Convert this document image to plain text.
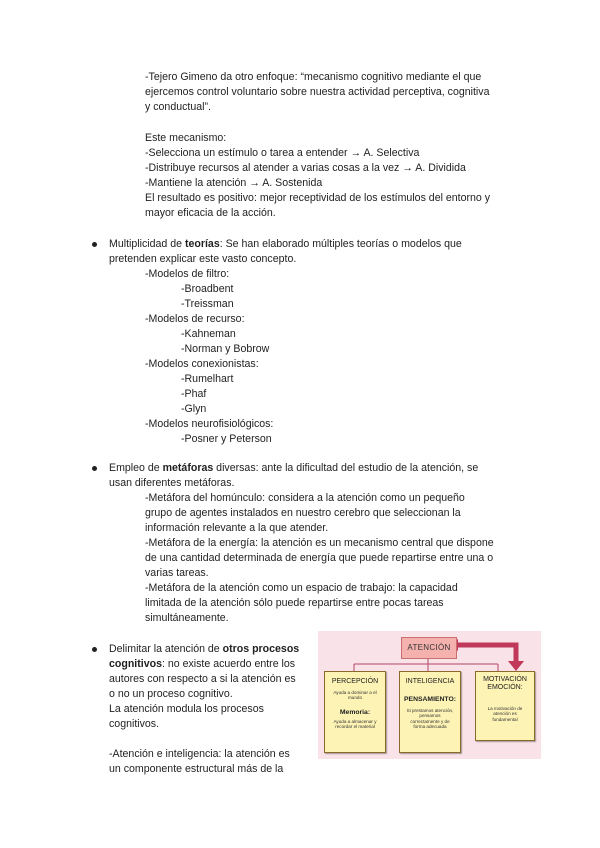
-Tejero Gimeno da otro enfoque: “mecanismo cognitivo mediante el que
ejercemos control voluntario sobre nuestra actividad perceptiva, cognitiva
y conductual”.
Este mecanismo:
-Selecciona un estímulo o tarea a entender → A. Selectiva
-Distribuye recursos al atender a varias cosas a la vez → A. Dividida
-Mantiene la atención → A. Sostenida
El resultado es positivo: mejor receptividad de los estímulos del entorno y
mayor eficacia de la acción.
Multiplicidad de teorías: Se han elaborado múltiples teorías o modelos que
pretenden explicar este vasto concepto.
-Modelos de filtro:
-Broadbent
-Treissman
-Modelos de recurso:
-Kahneman
-Norman y Bobrow
-Modelos conexionistas:
-Rumelhart
-Phaf
-Glyn
-Modelos neurofisiológicos:
-Posner y Peterson
Empleo de metáforas diversas: ante la dificultad del estudio de la atención, se
usan diferentes metáforas.
-Metáfora del homúnculo: considera a la atención como un pequeño
grupo de agentes instalados en nuestro cerebro que seleccionan la
información relevante a la que atender.
-Metáfora de la energía: la atención es un mecanismo central que dispone
de una cantidad determinada de energía que puede repartirse entre una o
varias tareas.
-Metáfora de la atención como un espacio de trabajo: la capacidad
limitada de la atención sólo puede repartirse entre pocas tareas
simultáneamente.
Delimitar la atención de otros procesos
cognitivos: no existe acuerdo entre los
autores con respecto a si la atención es
o no un proceso cognitivo.
La atención modula los procesos
cognitivos.
-Atención e inteligencia: la atención es
un componente estructural más de la
ATENCIÓN
PERCEPCIÓN
Ayuda a dominar a el mundo
Memoria:
Ayuda a almacenar y recordar el material
INTELIGENCIA
PENSAMIENTO:
Si prestamos atención, pensamos correctamente y de forma adecuada
MOTIVACIÓN EMOCIÓN:
La motivación de atención es fundamental
